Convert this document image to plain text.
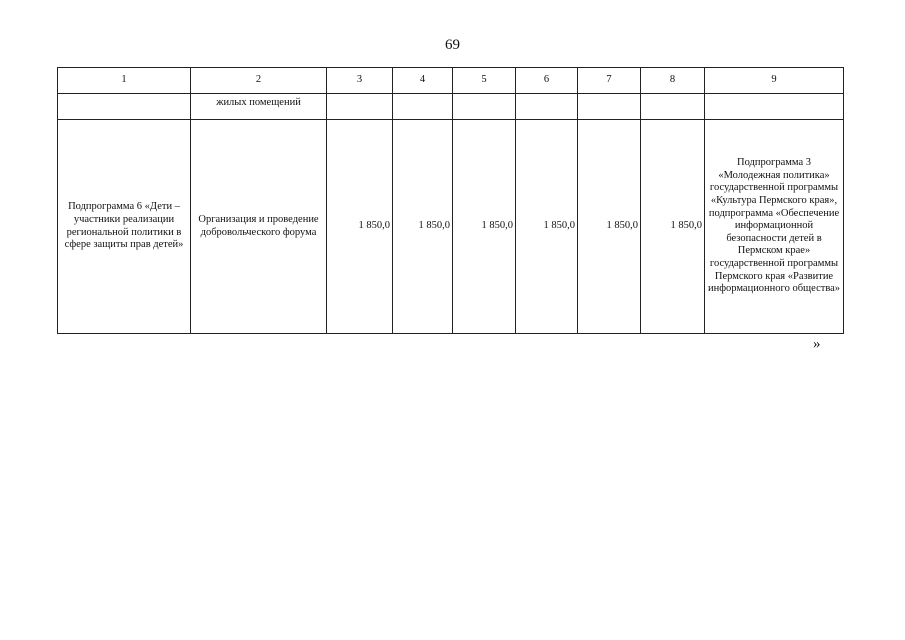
69
1	2	3	4	5	6	7	8	9
	жилых помещений							
Подпрограмма 6 «Дети – участники реализации региональной политики в сфере защиты прав детей»	Организация и проведение добровольческого форума	1 850,0	1 850,0	1 850,0	1 850,0	1 850,0	1 850,0	Подпрограмма 3 «Молодежная политика» государственной программы «Культура Пермского края», подпрограмма «Обеспечение информационной безопасности детей в Пермском крае» государственной программы Пермского края «Развитие информационного общества»
»
